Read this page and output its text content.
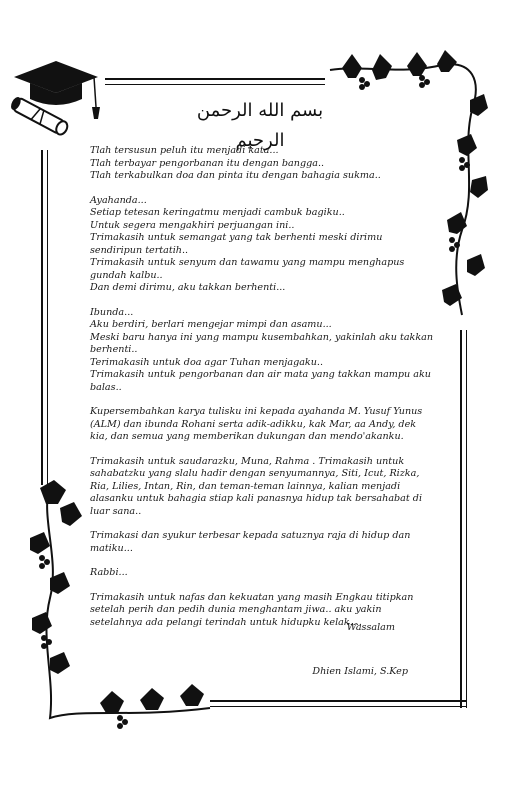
بسم الله الرحمن الرحيم

Tlah tersusun peluh itu menjadi kata...

Tlah terbayar pengorbanan itu dengan bangga..

Tlah terkabulkan doa dan pinta itu dengan bahagia sukma..

Ayahanda...

Setiap tetesan keringatmu menjadi cambuk bagiku..

Untuk segera mengakhiri perjuangan ini..

Trimakasih untuk semangat yang tak berhenti meski dirimu sendiripun tertatih..

Trimakasih untuk senyum dan tawamu yang mampu menghapus gundah kalbu..

Dan demi dirimu, aku takkan berhenti...

Ibunda...

Aku berdiri, berlari mengejar mimpi dan asamu...

Meski baru hanya ini yang mampu kusembahkan, yakinlah aku takkan berhenti..

Terimakasih untuk doa agar Tuhan menjagaku..

Trimakasih untuk pengorbanan dan air mata yang takkan mampu aku balas..

Kupersembahkan karya tulisku ini kepada ayahanda M. Yusuf Yunus (ALM) dan ibunda Rohani serta adik-adikku, kak Mar, aa Andy, dek kia, dan semua yang memberikan dukungan dan mendo'akanku.

Trimakasih untuk saudarazku, Muna, Rahma . Trimakasih untuk sahabatzku yang slalu hadir dengan senyumannya, Siti, Icut, Rizka, Ria, Lilies, Intan, Rin, dan teman-teman lainnya, kalian menjadi alasanku untuk bahagia stiap kali panasnya hidup tak bersahabat di luar sana..

Trimakasi dan syukur terbesar kepada satuznya raja di hidup dan matiku...

Rabbi...

Trimakasih untuk nafas dan kekuatan yang masih Engkau titipkan setelah perih dan pedih dunia menghantam jiwa.. aku yakin setelahnya ada pelangi terindah untuk hidupku kelak....

Wassalam
Dhien Islami, S.Kep
